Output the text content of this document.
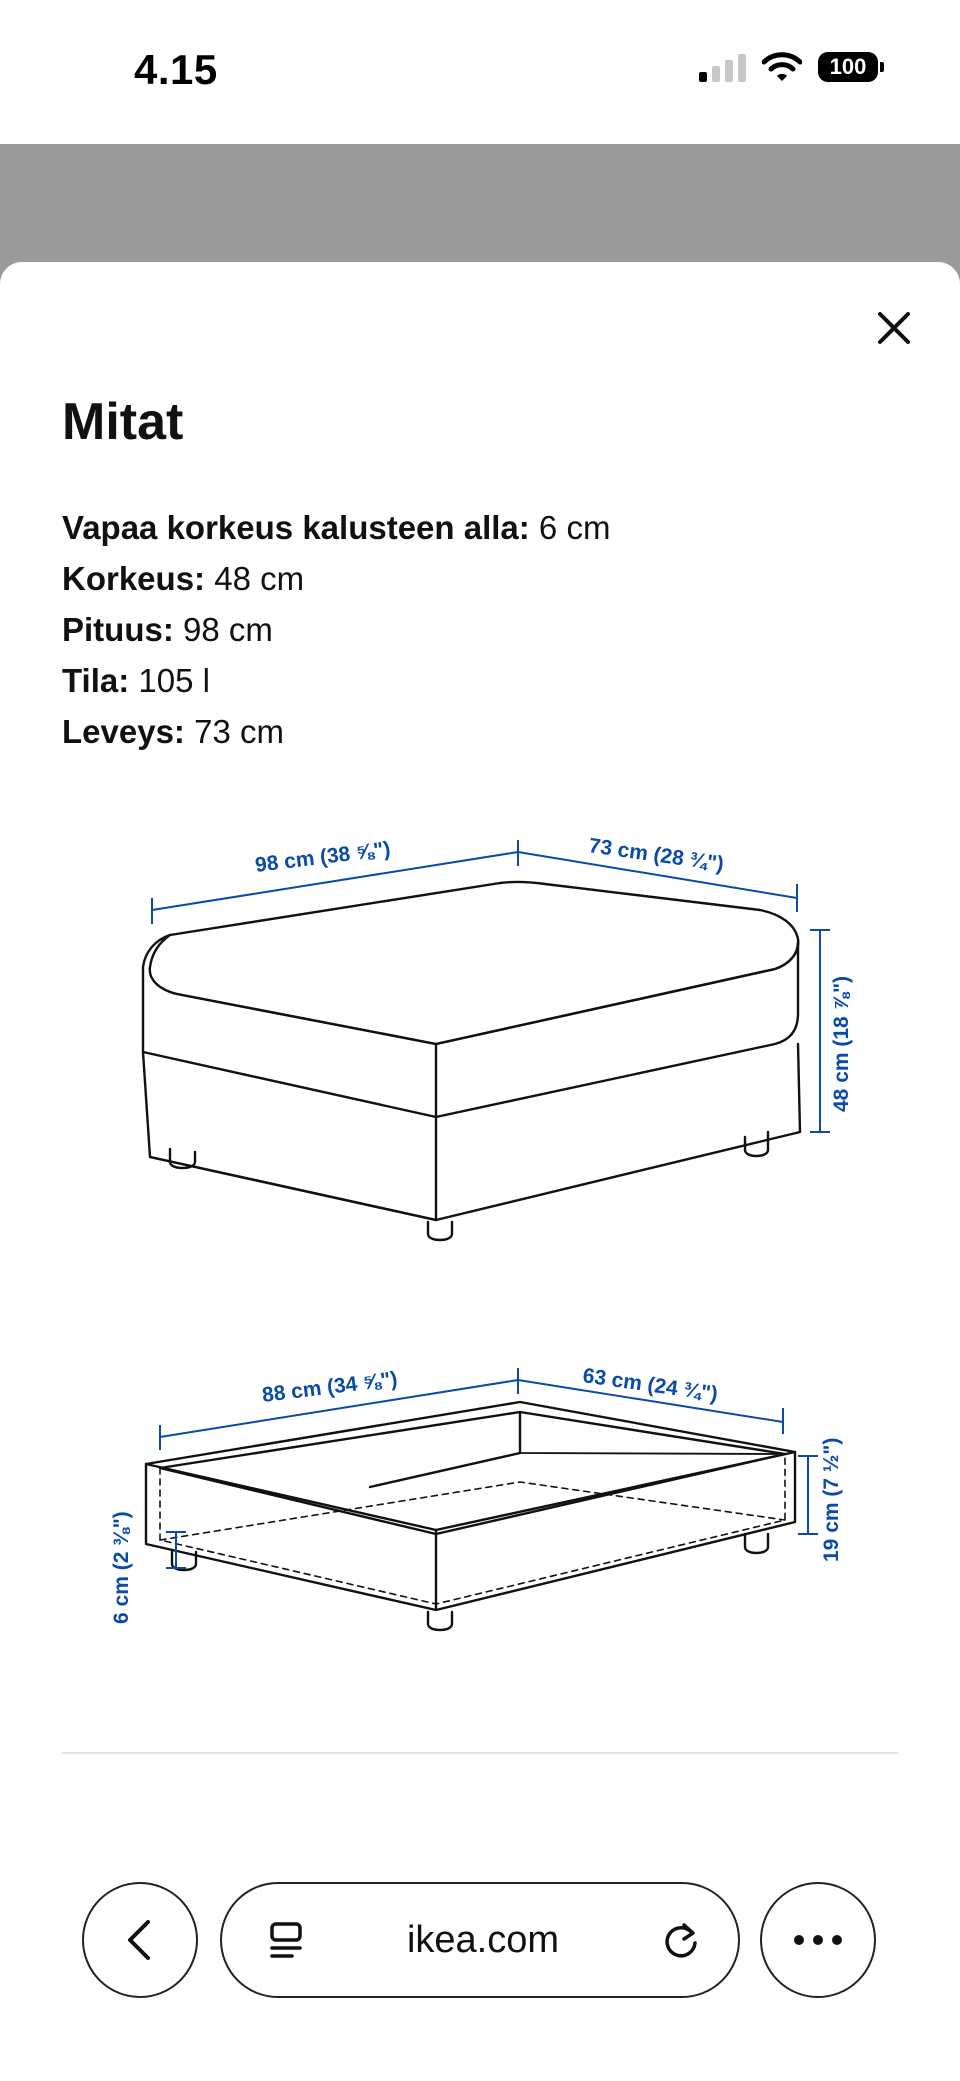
4.15	100
Mitat
Vapaa korkeus kalusteen alla: 6 cm
Korkeus: 48 cm
Pituus: 98 cm
Tila: 105 l
Leveys: 73 cm
98 cm (38 ⅝")	73 cm (28 ¾")
48 cm (18 ⅞")
88 cm (34 ⅝")	63 cm (24 ¾")
19 cm (7 ½")
6 cm (2 ⅜")
ikea.com
